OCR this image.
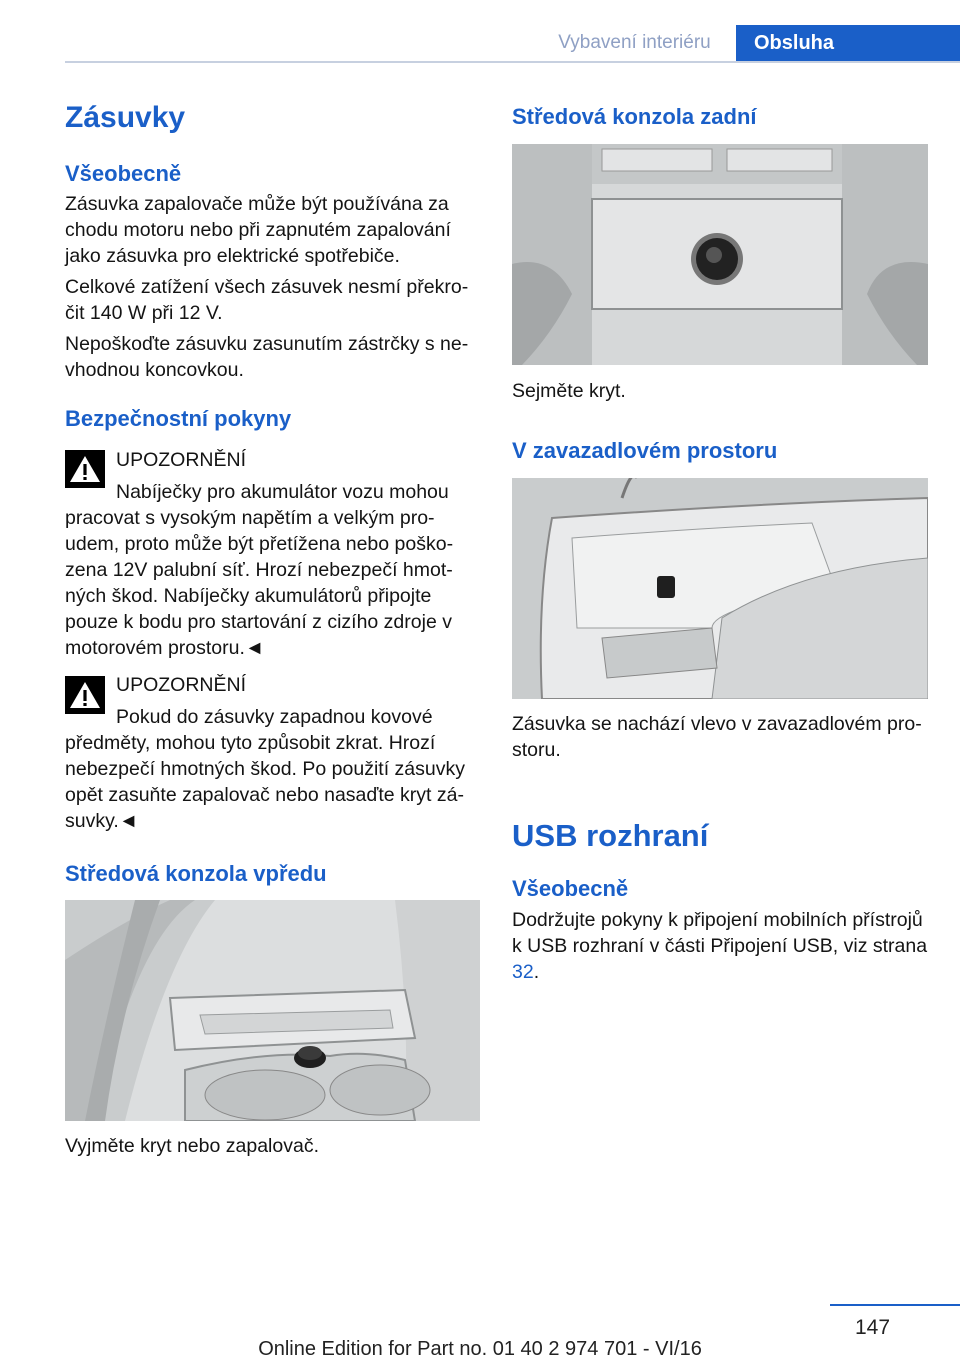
Vybavení interiéru	Obsluha
Zásuvky
Všeobecně

Zásuvka zapalovače může být používána za chodu motoru nebo při zapnutém zapalování jako zásuvka pro elektrické spotřebiče.

Celkové zatížení všech zásuvek nesmí překročit 140 W při 12 V.

Nepoškoďte zásuvku zasunutím zástrčky s nevhodnou koncovkou.

Bezpečnostní pokyny
UPOZORNĚNÍ

Nabíječky pro akumulátor vozu mohou pracovat s vysokým napětím a velkým proudem, proto může být přetížena nebo poškozena 12V palubní síť. Hrozí nebezpečí hmotných škod. Nabíječky akumulátorů připojte pouze k bodu pro startování z cizího zdroje v motorovém prostoru.◄

UPOZORNĚNÍ

Pokud do zásuvky zapadnou kovové předměty, mohou tyto způsobit zkrat. Hrozí nebezpečí hmotných škod. Po použití zásuvky opět zasuňte zapalovač nebo nasaďte kryt zásuvky.◄

Středová konzola vpředu

Vyjměte kryt nebo zapalovač.

Středová konzola zadní

Sejměte kryt.

V zavazadlovém prostoru

Zásuvka se nachází vlevo v zavazadlovém prostoru.

USB rozhraní
Všeobecně

Dodržujte pokyny k připojení mobilních přístrojů k USB rozhraní v části Připojení USB, viz strana 32.

147
Online Edition for Part no. 01 40 2 974 701 - VI/16
